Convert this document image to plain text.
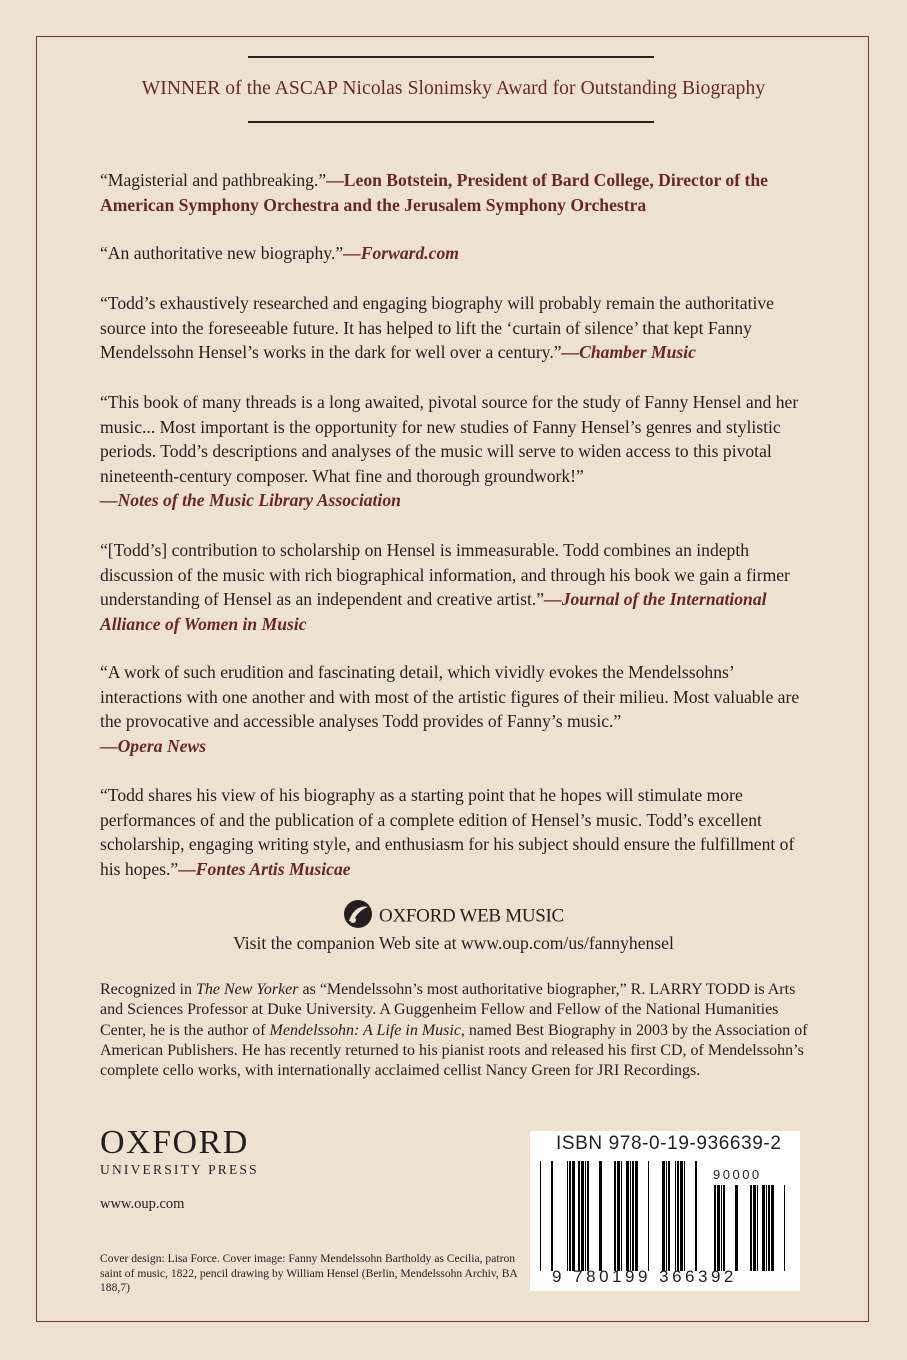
WINNER of the ASCAP Nicolas Slonimsky Award for Outstanding Biography
“Magisterial and pathbreaking.”—Leon Botstein, President of Bard College, Director of the American Symphony Orchestra and the Jerusalem Symphony Orchestra
“An authoritative new biography.”—Forward.com
“Todd’s exhaustively researched and engaging biography will probably remain the authoritative source into the foreseeable future. It has helped to lift the ‘curtain of silence’ that kept Fanny Mendelssohn Hensel’s works in the dark for well over a century.”—Chamber Music
“This book of many threads is a long awaited, pivotal source for the study of Fanny Hensel and her music... Most important is the opportunity for new studies of Fanny Hensel’s genres and stylistic periods. Todd’s descriptions and analyses of the music will serve to widen access to this pivotal nineteenth-century composer. What fine and thorough groundwork!”
—Notes of the Music Library Association
“[Todd’s] contribution to scholarship on Hensel is immeasurable. Todd combines an indepth discussion of the music with rich biographical information, and through his book we gain a firmer understanding of Hensel as an independent and creative artist.”—Journal of the International Alliance of Women in Music
“A work of such erudition and fascinating detail, which vividly evokes the Mendelssohns’ interactions with one another and with most of the artistic figures of their milieu. Most valuable are the provocative and accessible analyses Todd provides of Fanny’s music.”
—Opera News
“Todd shares his view of his biography as a starting point that he hopes will stimulate more performances of and the publication of a complete edition of Hensel’s music. Todd’s excellent scholarship, engaging writing style, and enthusiasm for his subject should ensure the fulfillment of his hopes.”—Fontes Artis Musicae
OXFORD WEB MUSIC
Visit the companion Web site at www.oup.com/us/fannyhensel
Recognized in The New Yorker as “Mendelssohn’s most authoritative biographer,” R. LARRY TODD is Arts and Sciences Professor at Duke University. A Guggenheim Fellow and Fellow of the National Humanities Center, he is the author of Mendelssohn: A Life in Music, named Best Biography in 2003 by the Association of American Publishers. He has recently returned to his pianist roots and released his first CD, of Mendelssohn’s complete cello works, with internationally acclaimed cellist Nancy Green for JRI Recordings.
OXFORD
UNIVERSITY PRESS
www.oup.com
Cover design: Lisa Force. Cover image: Fanny Mendelssohn Bartholdy as Cecilia, patron saint of music, 1822, pencil drawing by William Hensel (Berlin, Mendelssohn Archiv, BA 188,7)
ISBN 978-0-19-936639-2
90000
9 780199 366392
